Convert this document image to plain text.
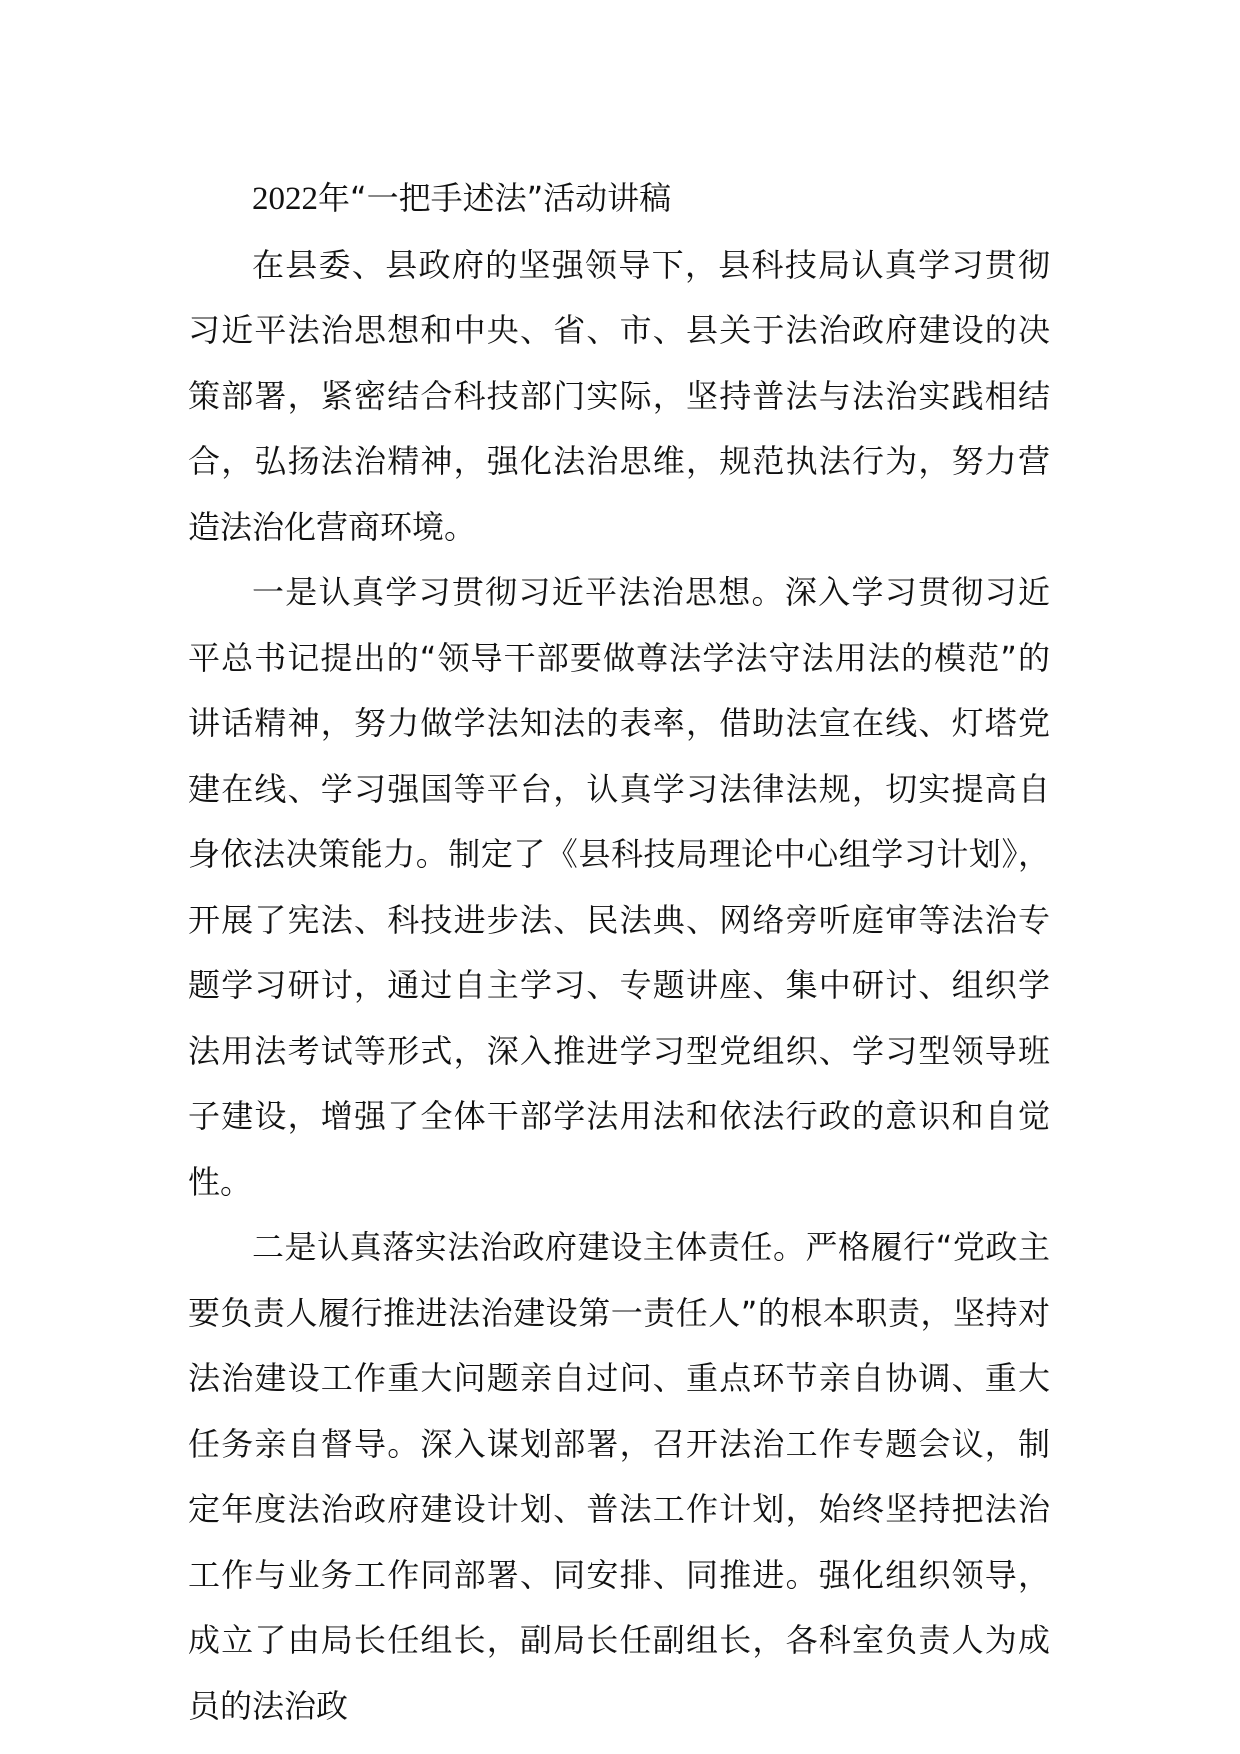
2022年“一把手述法”活动讲稿

在县委、县政府的坚强领导下，县科技局认真学习贯彻习近平法治思想和中央、省、市、县关于法治政府建设的决策部署，紧密结合科技部门实际，坚持普法与法治实践相结合，弘扬法治精神，强化法治思维，规范执法行为，努力营造法治化营商环境。

一是认真学习贯彻习近平法治思想。深入学习贯彻习近平总书记提出的“领导干部要做尊法学法守法用法的模范”的讲话精神，努力做学法知法的表率，借助法宣在线、灯塔党建在线、学习强国等平台，认真学习法律法规，切实提高自身依法决策能力。制定了《县科技局理论中心组学习计划》，开展了宪法、科技进步法、民法典、网络旁听庭审等法治专题学习研讨，通过自主学习、专题讲座、集中研讨、组织学法用法考试等形式，深入推进学习型党组织、学习型领导班子建设，增强了全体干部学法用法和依法行政的意识和自觉性。

二是认真落实法治政府建设主体责任。严格履行“党政主要负责人履行推进法治建设第一责任人”的根本职责，坚持对法治建设工作重大问题亲自过问、重点环节亲自协调、重大任务亲自督导。深入谋划部署，召开法治工作专题会议，制定年度法治政府建设计划、普法工作计划，始终坚持把法治工作与业务工作同部署、同安排、同推进。强化组织领导，成立了由局长任组长，副局长任副组长，各科室负责人为成员的法治政
